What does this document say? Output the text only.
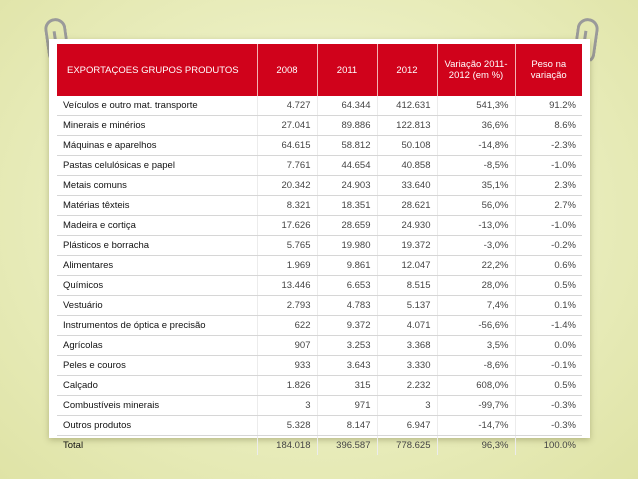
EXPORTAÇOES GRUPOS PRODUTOS	2008	2011	2012	Variação 2011-2012 (em %)	Peso na variação
Veículos e outro mat. transporte	4.727	64.344	412.631	541,3%	91.2%
Minerais e minérios	27.041	89.886	122.813	36,6%	8.6%
Máquinas e aparelhos	64.615	58.812	50.108	-14,8%	-2.3%
Pastas celulósicas e papel	7.761	44.654	40.858	-8,5%	-1.0%
Metais comuns	20.342	24.903	33.640	35,1%	2.3%
Matérias têxteis	8.321	18.351	28.621	56,0%	2.7%
Madeira e cortiça	17.626	28.659	24.930	-13,0%	-1.0%
Plásticos e borracha	5.765	19.980	19.372	-3,0%	-0.2%
Alimentares	1.969	9.861	12.047	22,2%	0.6%
Químicos	13.446	6.653	8.515	28,0%	0.5%
Vestuário	2.793	4.783	5.137	7,4%	0.1%
Instrumentos de óptica e precisão	622	9.372	4.071	-56,6%	-1.4%
Agrícolas	907	3.253	3.368	3,5%	0.0%
Peles e couros	933	3.643	3.330	-8,6%	-0.1%
Calçado	1.826	315	2.232	608,0%	0.5%
Combustíveis minerais	3	971	3	-99,7%	-0.3%
Outros produtos	5.328	8.147	6.947	-14,7%	-0.3%
Total	184.018	396.587	778.625	96,3%	100.0%
